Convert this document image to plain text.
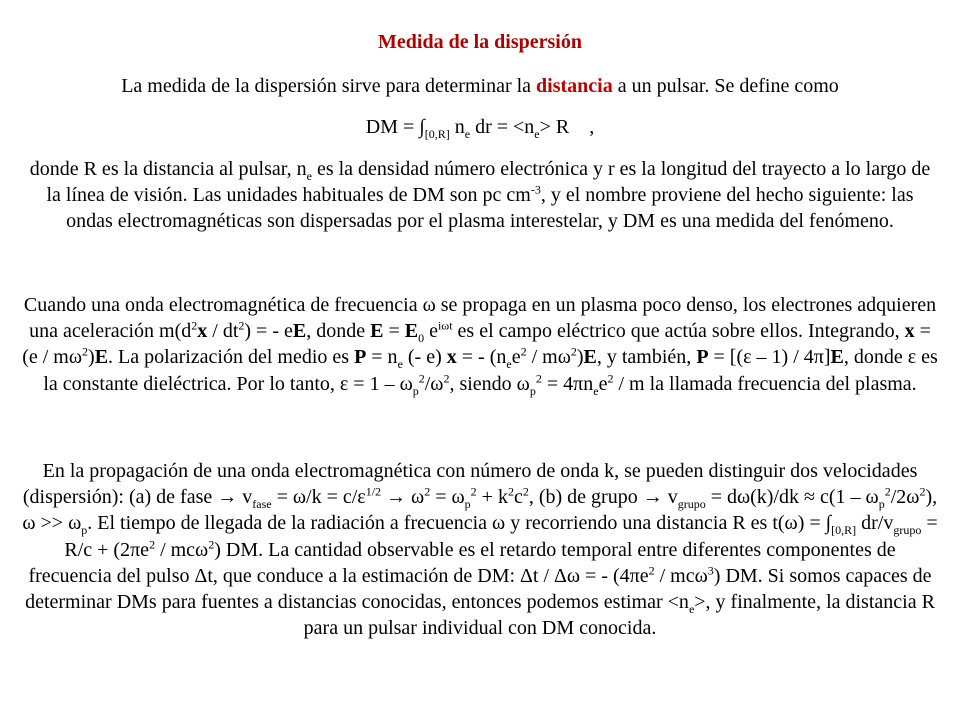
Medida de la dispersión
La medida de la dispersión sirve para determinar la distancia a un pulsar. Se define como
DM = $\int_{[0,R]}$ $n_e$ dr = $<n_e> R$    ,
donde R es la distancia al pulsar, $n_e$ es la densidad número electrónica y r es la longitud del trayecto a lo largo de la línea de visión. Las unidades habituales de DM son pc $cm^{-3}$, y el nombre proviene del hecho siguiente: las ondas electromagnéticas son dispersadas por el plasma interestelar, y DM es una medida del fenómeno.
Cuando una onda electromagnética de frecuencia ω se propaga en un plasma poco denso, los electrones adquieren una aceleración $m(d^2x / dt^2)$ = - eE, donde $E = E_0$ $e^{i\omega t}$ es el campo eléctrico que actúa sobre ellos. Integrando, $x = (e / m\omega^2)E$. La polarización del medio es $P = n_e$ (- e) x = - $(n_ee^2 / m\omega^2)E$, y también, P = [(ε – 1) / 4π]E, donde ε es la constante dieléctrica. Por lo tanto, $\varepsilon = 1 - \omega_p^2/\omega^2$, siendo $\omega_p^2 = 4\pi n_ee^2 / m$ la llamada frecuencia del plasma.
En la propagación de una onda electromagnética con número de onda k, se pueden distinguir dos velocidades (dispersión): (a) de fase → $v_{fase} = \omega/k = c/\varepsilon^{1/2} \to \omega^2 = \omega_p^2 + k^2c^2$, (b) de grupo → $v_{grupo} = d\omega(k)/dk \approx c(1 - \omega_p^2/2\omega^2)$, $\omega >> \omega_p$. El tiempo de llegada de la radiación a frecuencia ω y recorriendo una distancia R es $t(\omega) = \int_{[0,R]}$ $dr/v_{grupo} = R/c + (2\pi e^2 / mc\omega^2)$ DM. La cantidad observable es el retardo temporal entre diferentes componentes de frecuencia del pulso Δt, que conduce a la estimación de DM: Δt / Δω = - $(4\pi e^2 / mc\omega^3)$ DM. Si somos capaces de determinar DMs para fuentes a distancias conocidas, entonces podemos estimar $<n_e>$, y finalmente, la distancia R para un pulsar individual con DM conocida.
